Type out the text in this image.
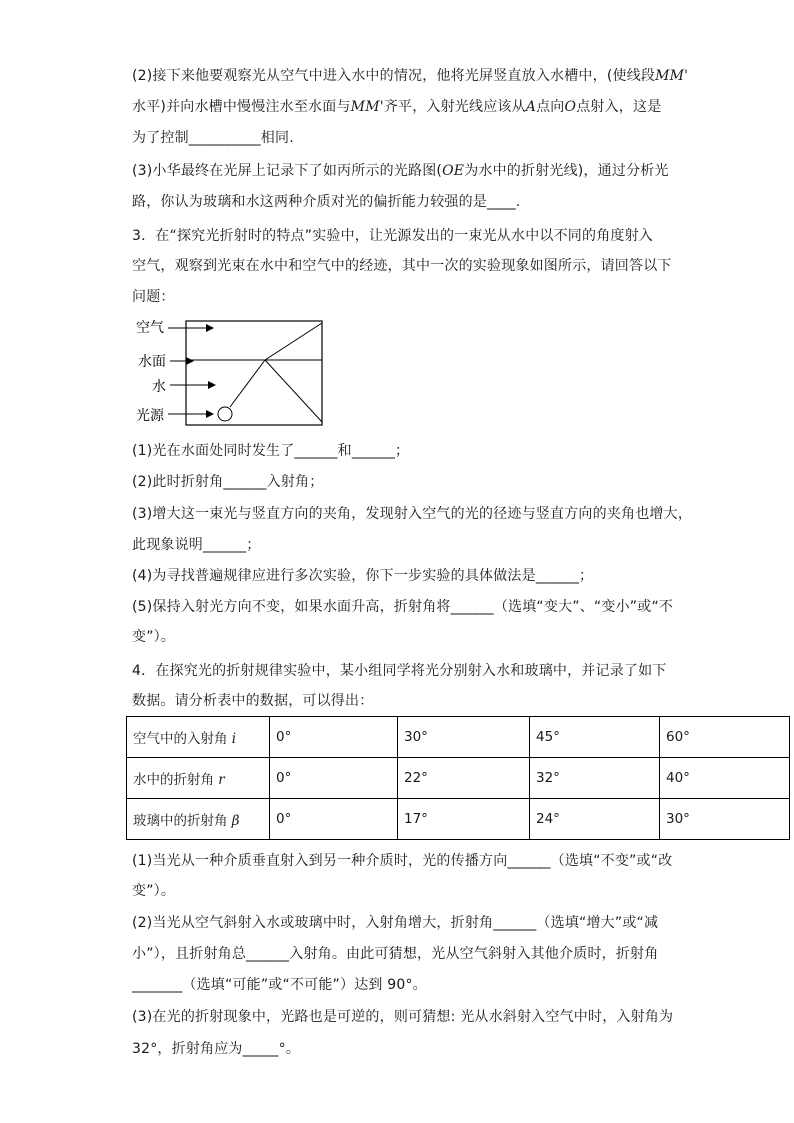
(2)接下来他要观察光从空气中进入水中的情况，他将光屏竖直放入水槽中，(使线段MM'
水平)并向水槽中慢慢注水至水面与MM'齐平，入射光线应该从A点向O点射入，这是
为了控制__________相同.
(3)小华最终在光屏上记录下了如丙所示的光路图(OE为水中的折射光线)，通过分析光
路，你认为玻璃和水这两种介质对光的偏折能力较强的是____.
3．在“探究光折射时的特点”实验中，让光源发出的一束光从水中以不同的角度射入
空气，观察到光束在水中和空气中的经迹，其中一次的实验现象如图所示，请回答以下
问题：
空气
水面
水
光源
(1)光在水面处同时发生了______和______；
(2)此时折射角______入射角；
(3)增大这一束光与竖直方向的夹角，发现射入空气的光的径迹与竖直方向的夹角也增大，
此现象说明______；
(4)为寻找普遍规律应进行多次实验，你下一步实验的具体做法是______；
(5)保持入射光方向不变，如果水面升高，折射角将______（选填“变大”、“变小”或“不
变”）。
4．在探究光的折射规律实验中，某小组同学将光分别射入水和玻璃中，并记录了如下
数据。请分析表中的数据，可以得出：
空气中的入射角 i	0°	30°	45°	60°
水中的折射角 r	0°	22°	32°	40°
玻璃中的折射角 β	0°	17°	24°	30°
(1)当光从一种介质垂直射入到另一种介质时，光的传播方向______（选填“不变”或“改
变”）。
(2)当光从空气斜射入水或玻璃中时，入射角增大，折射角______（选填“增大”或“减
小”），且折射角总______入射角。由此可猜想，光从空气斜射入其他介质时，折射角
_______（选填“可能”或“不可能”）达到 90°。
(3)在光的折射现象中，光路也是可逆的，则可猜想: 光从水斜射入空气中时，入射角为
32°，折射角应为_____°。
